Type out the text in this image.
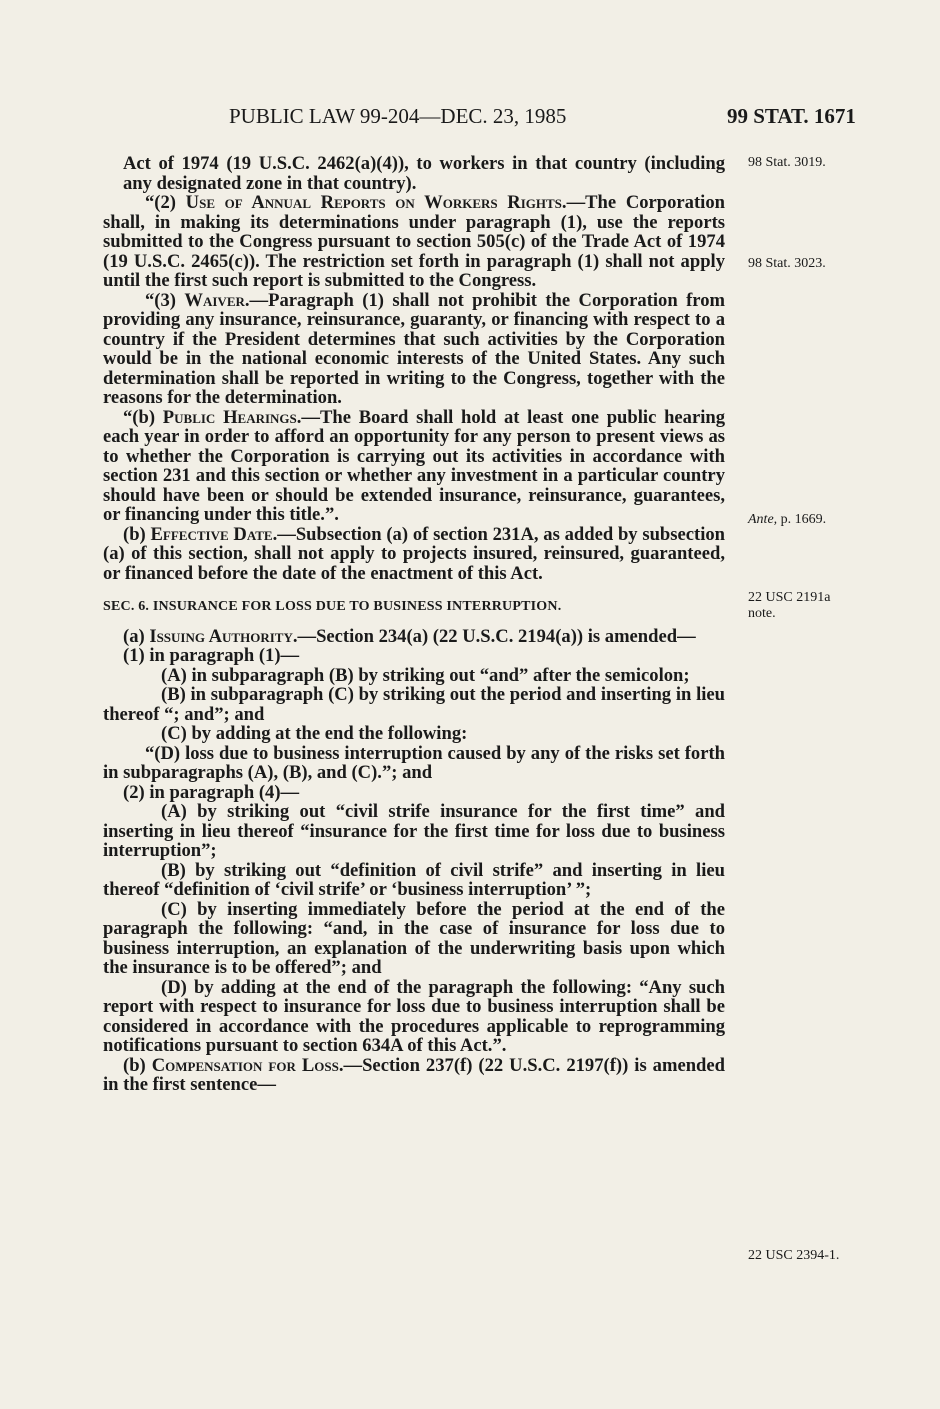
PUBLIC LAW 99-204—DEC. 23, 1985	99 STAT. 1671
98 Stat. 3019.
98 Stat. 3023.
Ante, p. 1669.
22 USC 2191a note.
22 USC 2394-1.

Act of 1974 (19 U.S.C. 2462(a)(4)), to workers in that country (including any designated zone in that country).

“(2) Use of Annual Reports on Workers Rights.—The Corporation shall, in making its determinations under paragraph (1), use the reports submitted to the Congress pursuant to section 505(c) of the Trade Act of 1974 (19 U.S.C. 2465(c)). The restriction set forth in paragraph (1) shall not apply until the first such report is submitted to the Congress.

“(3) Waiver.—Paragraph (1) shall not prohibit the Corporation from providing any insurance, reinsurance, guaranty, or financing with respect to a country if the President determines that such activities by the Corporation would be in the national economic interests of the United States. Any such determination shall be reported in writing to the Congress, together with the reasons for the determination.

“(b) Public Hearings.—The Board shall hold at least one public hearing each year in order to afford an opportunity for any person to present views as to whether the Corporation is carrying out its activities in accordance with section 231 and this section or whether any investment in a particular country should have been or should be extended insurance, reinsurance, guarantees, or financing under this title.”.

(b) Effective Date.—Subsection (a) of section 231A, as added by subsection (a) of this section, shall not apply to projects insured, reinsured, guaranteed, or financed before the date of the enactment of this Act.

SEC. 6. INSURANCE FOR LOSS DUE TO BUSINESS INTERRUPTION.

(a) Issuing Authority.—Section 234(a) (22 U.S.C. 2194(a)) is amended—

(1) in paragraph (1)—

(A) in subparagraph (B) by striking out “and” after the semicolon;

(B) in subparagraph (C) by striking out the period and inserting in lieu thereof “; and”; and

(C) by adding at the end the following:

“(D) loss due to business interruption caused by any of the risks set forth in subparagraphs (A), (B), and (C).”; and

(2) in paragraph (4)—

(A) by striking out “civil strife insurance for the first time” and inserting in lieu thereof “insurance for the first time for loss due to business interruption”;

(B) by striking out “definition of civil strife” and inserting in lieu thereof “definition of ‘civil strife’ or ‘business interruption’ ”;

(C) by inserting immediately before the period at the end of the paragraph the following: “and, in the case of insurance for loss due to business interruption, an explanation of the underwriting basis upon which the insurance is to be offered”; and

(D) by adding at the end of the paragraph the following: “Any such report with respect to insurance for loss due to business interruption shall be considered in accordance with the procedures applicable to reprogramming notifications pursuant to section 634A of this Act.”.

(b) Compensation for Loss.—Section 237(f) (22 U.S.C. 2197(f)) is amended in the first sentence—
